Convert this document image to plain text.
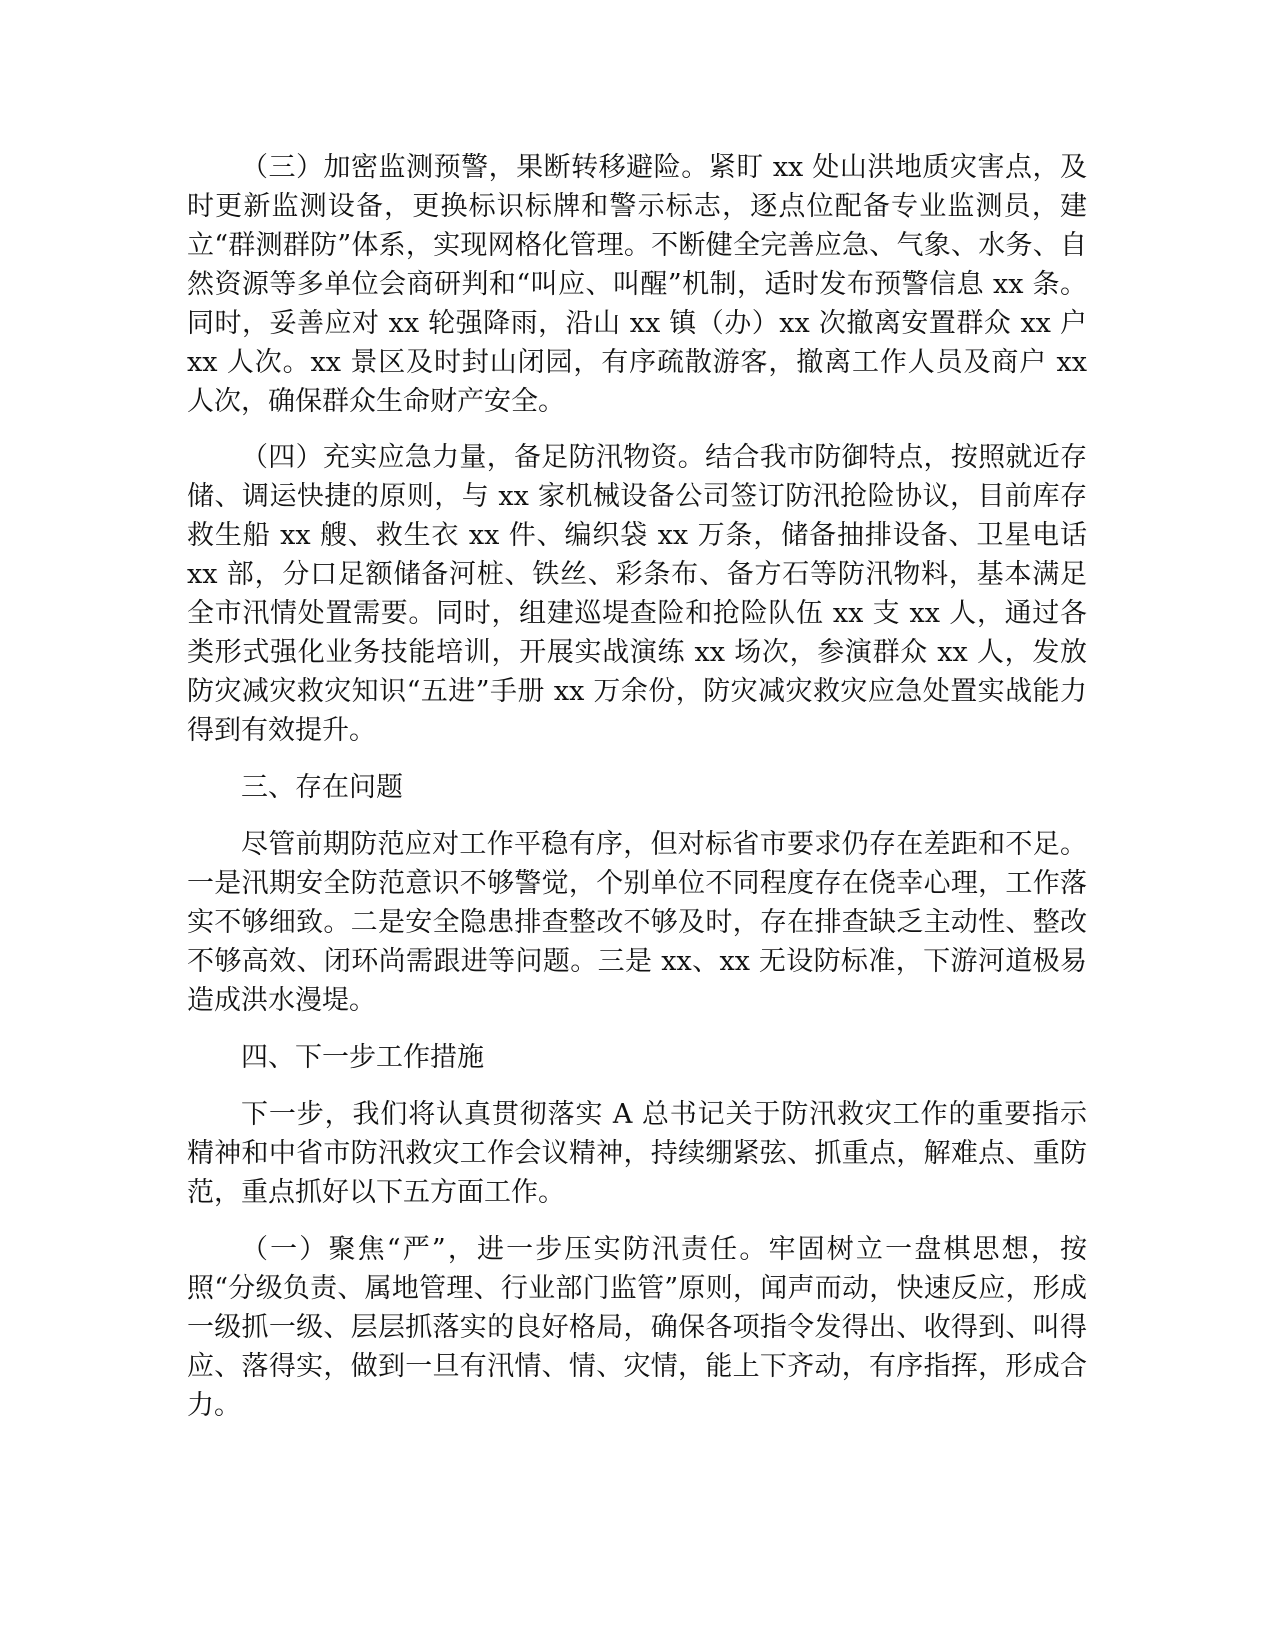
（三）加密监测预警，果断转移避险。紧盯 xx 处山洪地质灾害点，及时更新监测设备，更换标识标牌和警示标志，逐点位配备专业监测员，建立“群测群防”体系，实现网格化管理。不断健全完善应急、气象、水务、自然资源等多单位会商研判和“叫应、叫醒”机制，适时发布预警信息 xx 条。同时，妥善应对 xx 轮强降雨，沿山 xx 镇（办）xx 次撤离安置群众 xx 户 xx 人次。xx 景区及时封山闭园，有序疏散游客，撤离工作人员及商户 xx 人次，确保群众生命财产安全。

（四）充实应急力量，备足防汛物资。结合我市防御特点，按照就近存储、调运快捷的原则，与 xx 家机械设备公司签订防汛抢险协议，目前库存救生船 xx 艘、救生衣 xx 件、编织袋 xx 万条，储备抽排设备、卫星电话 xx 部，分口足额储备河桩、铁丝、彩条布、备方石等防汛物料，基本满足全市汛情处置需要。同时，组建巡堤查险和抢险队伍 xx 支 xx 人，通过各类形式强化业务技能培训，开展实战演练 xx 场次，参演群众 xx 人，发放防灾减灾救灾知识“五进”手册 xx 万余份，防灾减灾救灾应急处置实战能力得到有效提升。

三、存在问题

尽管前期防范应对工作平稳有序，但对标省市要求仍存在差距和不足。一是汛期安全防范意识不够警觉，个别单位不同程度存在侥幸心理，工作落实不够细致。二是安全隐患排查整改不够及时，存在排查缺乏主动性、整改不够高效、闭环尚需跟进等问题。三是 xx、xx 无设防标准，下游河道极易造成洪水漫堤。

四、下一步工作措施

下一步，我们将认真贯彻落实 A 总书记关于防汛救灾工作的重要指示精神和中省市防汛救灾工作会议精神，持续绷紧弦、抓重点，解难点、重防范，重点抓好以下五方面工作。

（一）聚焦“严”，进一步压实防汛责任。牢固树立一盘棋思想，按照“分级负责、属地管理、行业部门监管”原则，闻声而动，快速反应，形成一级抓一级、层层抓落实的良好格局，确保各项指令发得出、收得到、叫得应、落得实，做到一旦有汛情、情、灾情，能上下齐动，有序指挥，形成合力。
